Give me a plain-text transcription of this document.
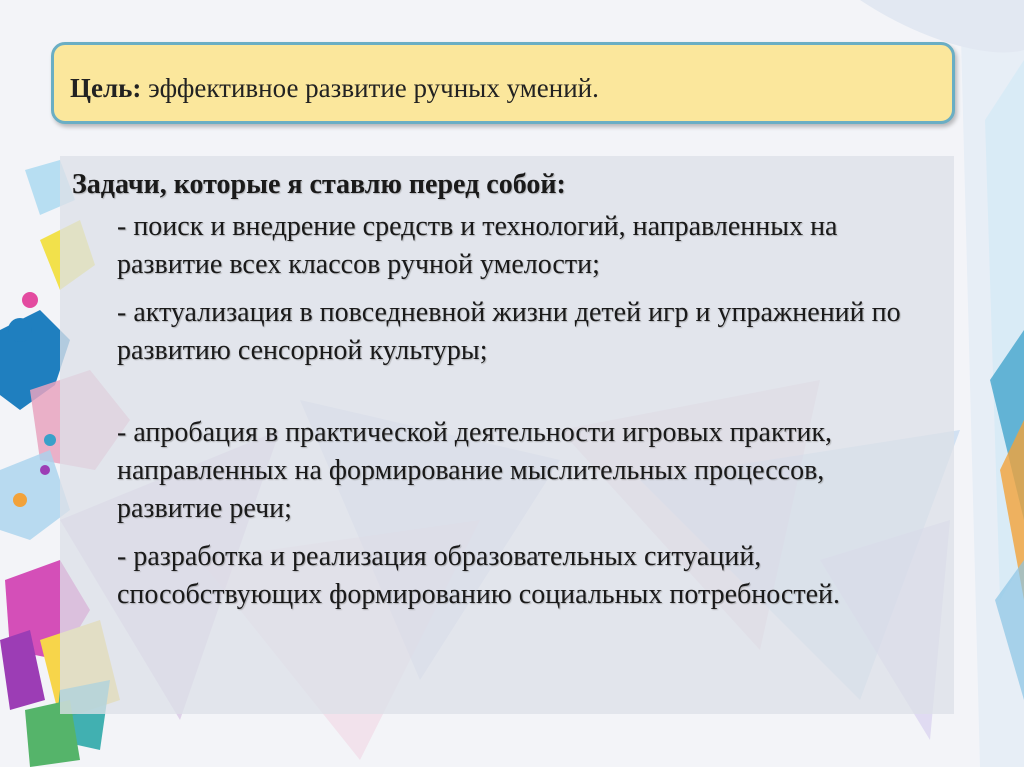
Цель: эффективное развитие ручных умений.
Задачи, которые я ставлю перед собой:
- поиск и внедрение средств и технологий, направленных на развитие всех классов ручной умелости;
- актуализация в повседневной жизни детей игр и упражнений по развитию сенсорной культуры;
- апробация в практической деятельности игровых практик, направленных на формирование мыслительных процессов, развитие речи;
- разработка и реализация образовательных ситуаций, способствующих формированию социальных потребностей.
